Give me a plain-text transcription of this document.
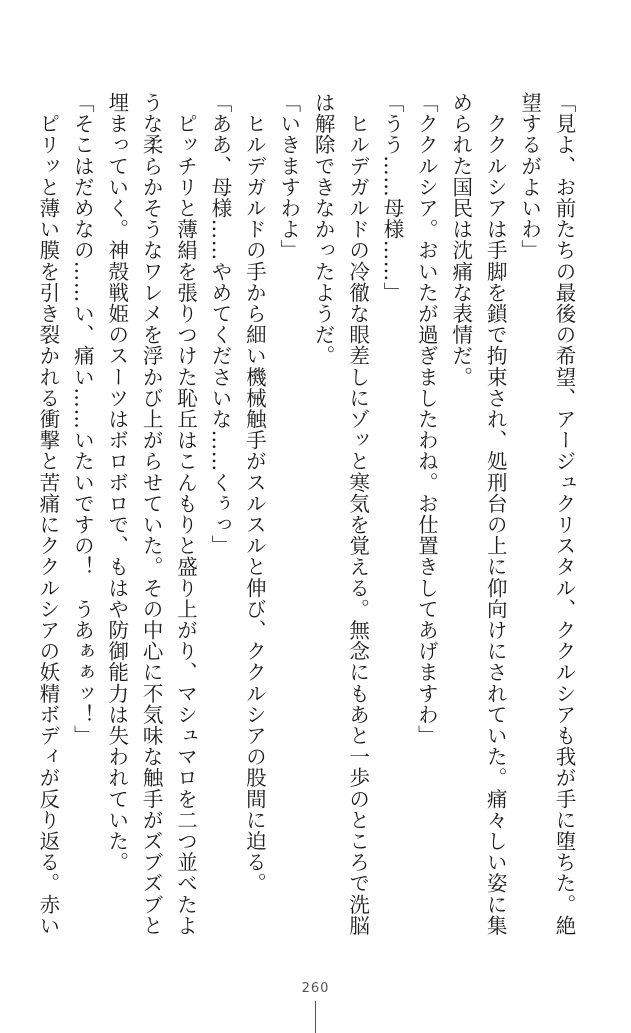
「見よ、お前たちの最後の希望、アージュクリスタル、ククルシアも我が手に堕ちた。絶
望するがよいわ」
　ククルシアは手脚を鎖で拘束され、処刑台の上に仰向けにされていた。痛々しい姿に集
められた国民は沈痛な表情だ。
「ククルシア。おいたが過ぎましたわね。お仕置きしてあげますわ」
「うう……母様……」
　ヒルデガルドの冷徹な眼差しにゾッと寒気を覚える。無念にもあと一歩のところで洗脳
は解除できなかったようだ。
「いきますわよ」
　ヒルデガルドの手から細い機械触手がスルスルと伸び、ククルシアの股間に迫る。
「ああ、母様……やめてくださいな……くぅっ」
　ピッチリと薄絹を張りつけた恥丘はこんもりと盛り上がり、マシュマロを二つ並べたよ
うな柔らかそうなワレメを浮かび上がらせていた。その中心に不気味な触手がズブズブと
埋まっていく。神殻戦姫のスーツはボロボロで、もはや防御能力は失われていた。
「そこはだめなの……い、痛い……いたいですの！　うあぁぁッ！」
　ピリッと薄い膜を引き裂かれる衝撃と苦痛にククルシアの妖精ボディが反り返る。赤い
260
